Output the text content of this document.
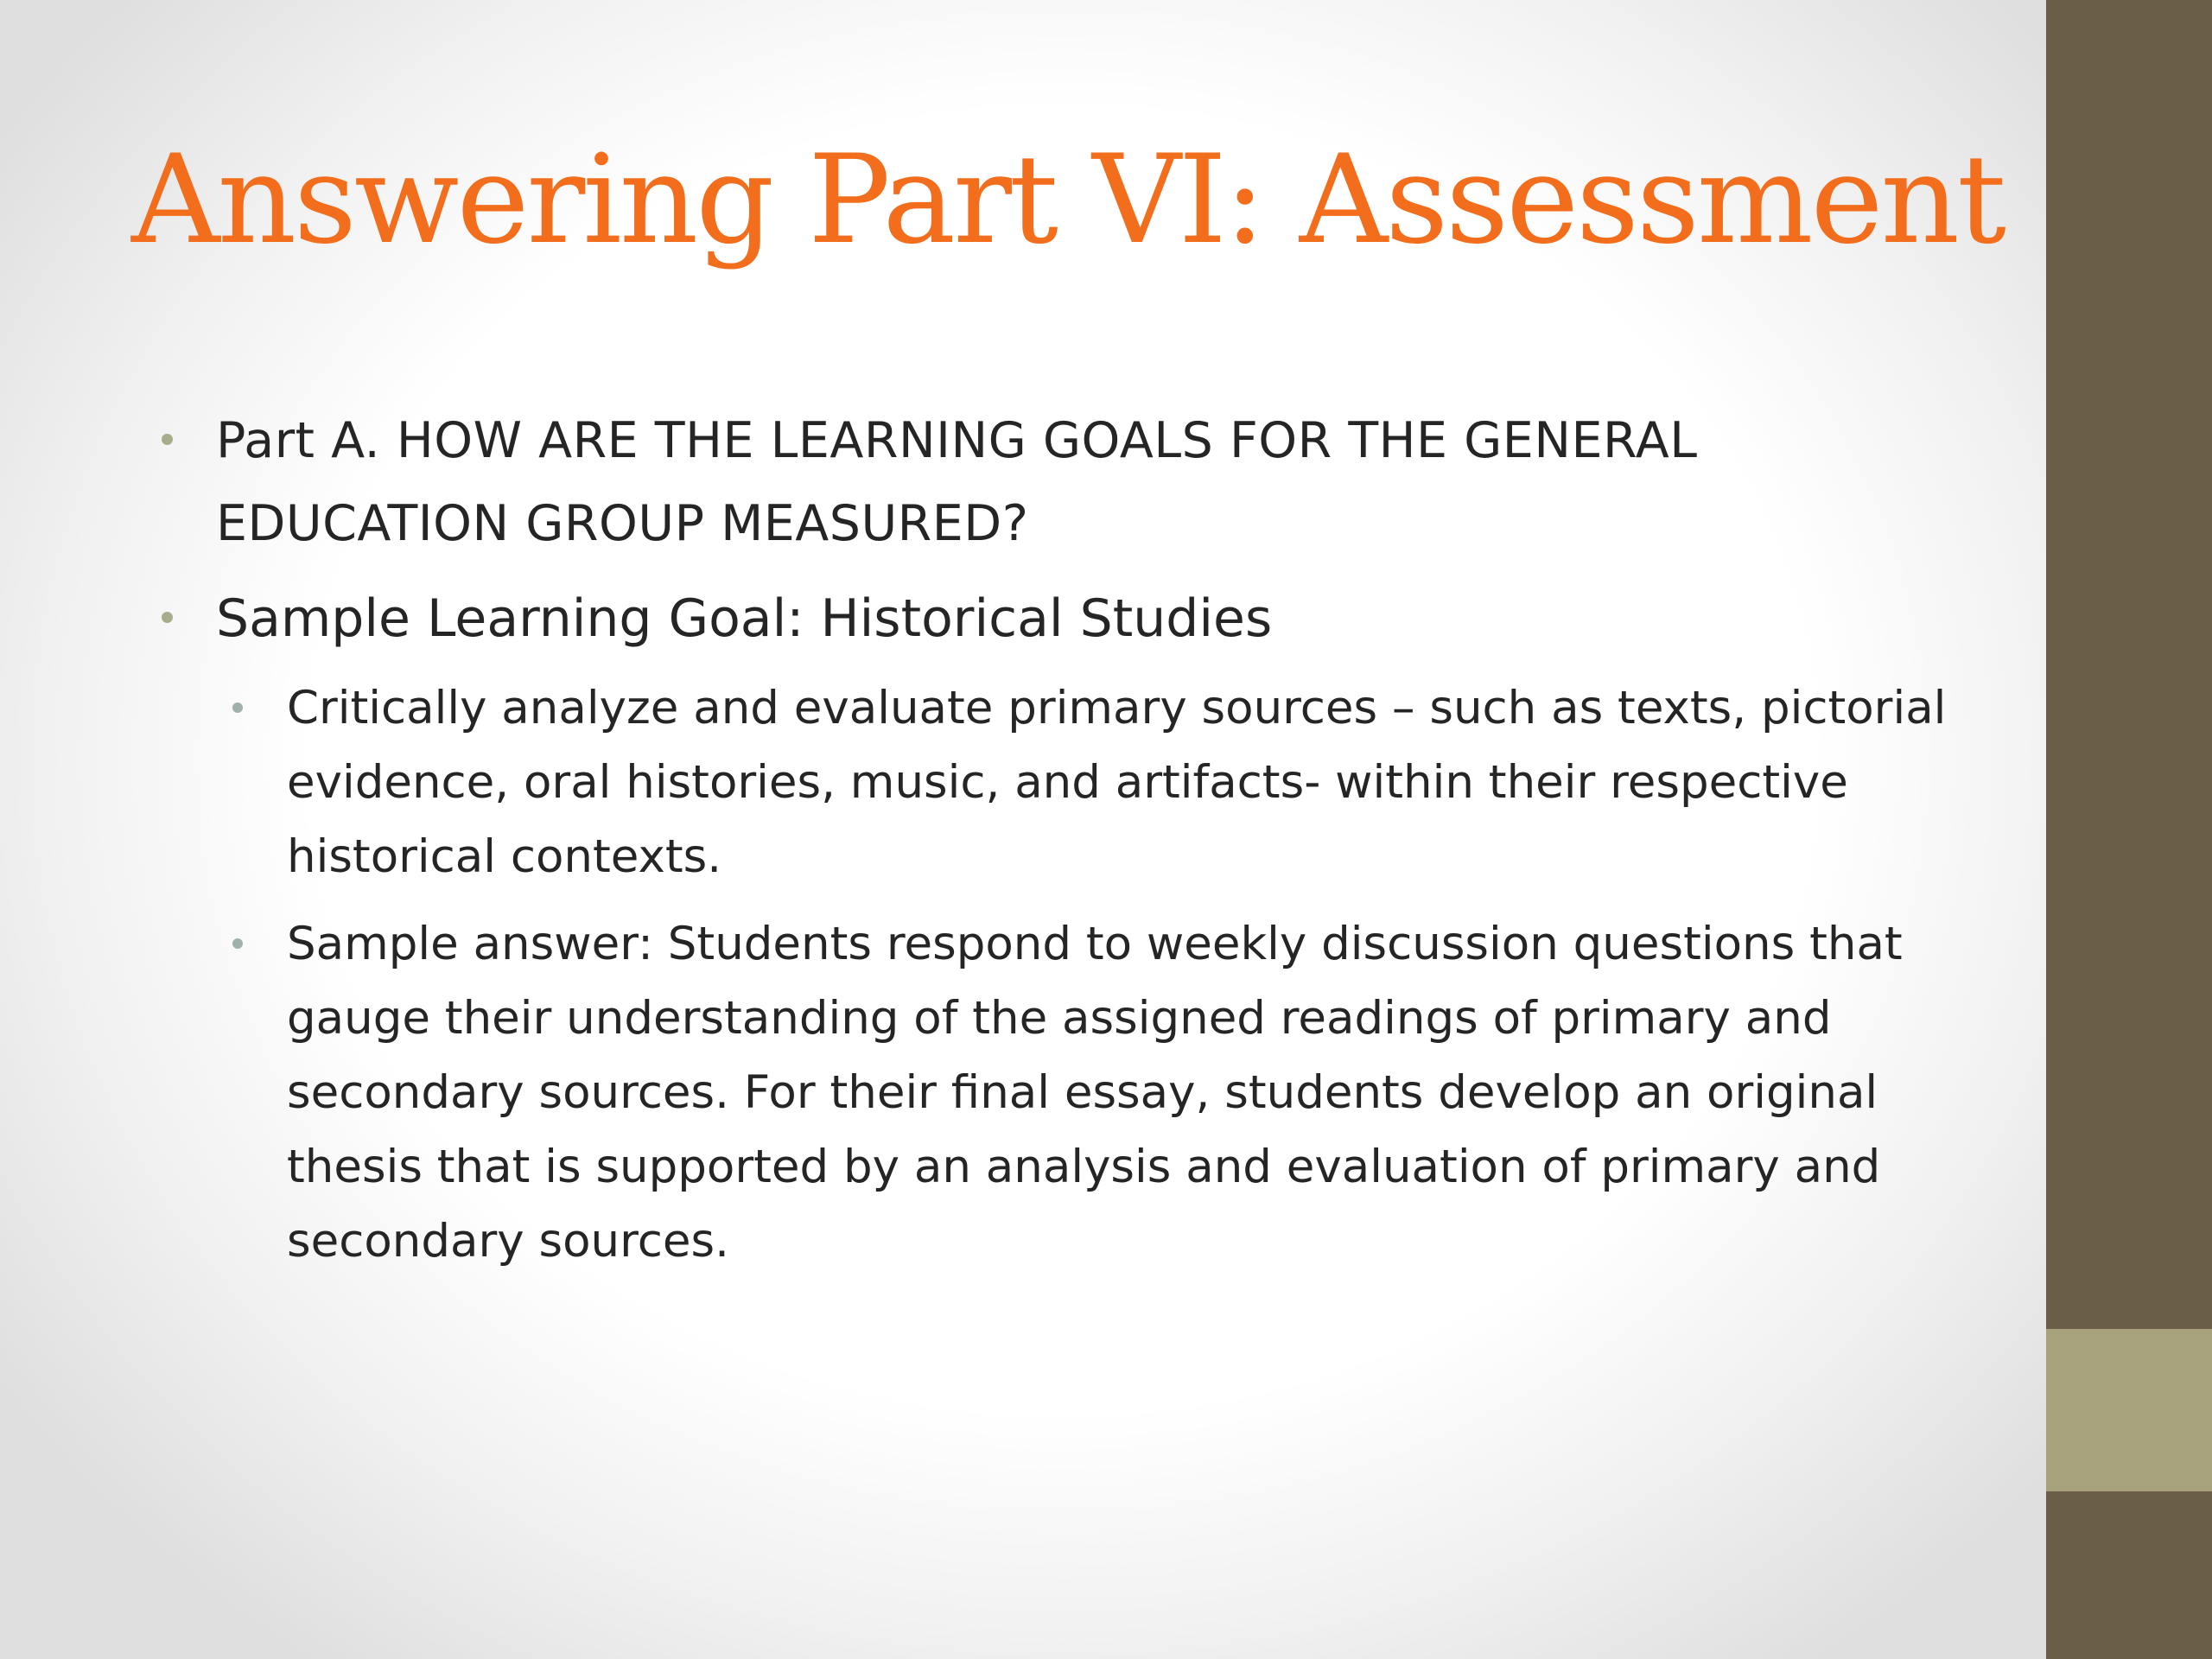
Answering Part VI: Assessment
Part A. HOW ARE THE LEARNING GOALS FOR THE GENERAL EDUCATION GROUP MEASURED?
Sample Learning Goal: Historical Studies
Critically analyze and evaluate primary sources – such as texts, pictorial evidence, oral histories, music, and artifacts- within their respective historical contexts.
Sample answer: Students respond to weekly discussion questions that gauge their understanding of the assigned readings of primary and secondary sources. For their final essay, students develop an original thesis that is supported by an analysis and evaluation of primary and secondary sources.
